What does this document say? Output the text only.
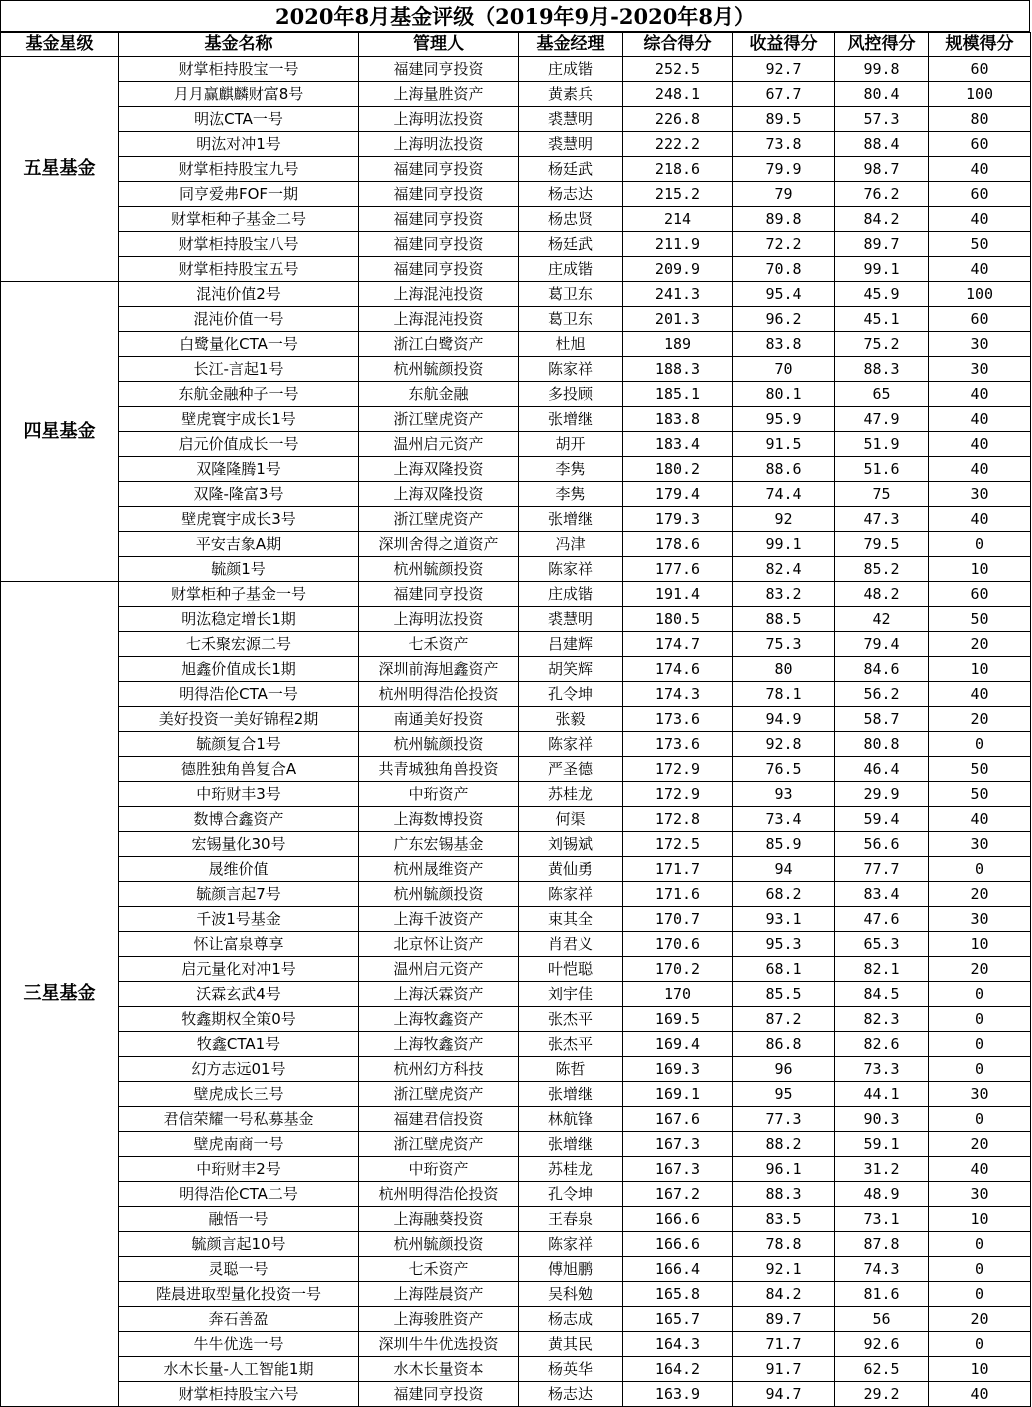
2020年8月基金评级（2019年9月-2020年8月）
基金星级	基金名称	管理人	基金经理	综合得分	收益得分	风控得分	规模得分
五星基金	财掌柜持股宝一号	福建同亨投资	庄成锴	252.5	92.7	99.8	60
	月月赢麒麟财富8号	上海量胜资产	黄素兵	248.1	67.7	80.4	100
	明汯CTA一号	上海明汯投资	裘慧明	226.8	89.5	57.3	80
	明汯对冲1号	上海明汯投资	裘慧明	222.2	73.8	88.4	60
	财掌柜持股宝九号	福建同亨投资	杨廷武	218.6	79.9	98.7	40
	同亨爱弗FOF一期	福建同亨投资	杨志达	215.2	79	76.2	60
	财掌柜种子基金二号	福建同亨投资	杨忠贤	214	89.8	84.2	40
	财掌柜持股宝八号	福建同亨投资	杨廷武	211.9	72.2	89.7	50
	财掌柜持股宝五号	福建同亨投资	庄成锴	209.9	70.8	99.1	40
四星基金	混沌价值2号	上海混沌投资	葛卫东	241.3	95.4	45.9	100
	混沌价值一号	上海混沌投资	葛卫东	201.3	96.2	45.1	60
	白鹭量化CTA一号	浙江白鹭资产	杜旭	189	83.8	75.2	30
	长江-言起1号	杭州毓颜投资	陈家祥	188.3	70	88.3	30
	东航金融种子一号	东航金融	多投顾	185.1	80.1	65	40
	壁虎寰宇成长1号	浙江壁虎资产	张增继	183.8	95.9	47.9	40
	启元价值成长一号	温州启元资产	胡开	183.4	91.5	51.9	40
	双隆隆腾1号	上海双隆投资	李隽	180.2	88.6	51.6	40
	双隆-隆富3号	上海双隆投资	李隽	179.4	74.4	75	30
	壁虎寰宇成长3号	浙江壁虎资产	张增继	179.3	92	47.3	40
	平安吉象A期	深圳舍得之道资产	冯津	178.6	99.1	79.5	0
	毓颜1号	杭州毓颜投资	陈家祥	177.6	82.4	85.2	10
三星基金	财掌柜种子基金一号	福建同亨投资	庄成锴	191.4	83.2	48.2	60
	明汯稳定增长1期	上海明汯投资	裘慧明	180.5	88.5	42	50
	七禾聚宏源二号	七禾资产	吕建辉	174.7	75.3	79.4	20
	旭鑫价值成长1期	深圳前海旭鑫资产	胡笑辉	174.6	80	84.6	10
	明得浩伦CTA一号	杭州明得浩伦投资	孔令坤	174.3	78.1	56.2	40
	美好投资一美好锦程2期	南通美好投资	张毅	173.6	94.9	58.7	20
	毓颜复合1号	杭州毓颜投资	陈家祥	173.6	92.8	80.8	0
	德胜独角兽复合A	共青城独角兽投资	严圣德	172.9	76.5	46.4	50
	中珩财丰3号	中珩资产	苏桂龙	172.9	93	29.9	50
	数博合鑫资产	上海数博投资	何渠	172.8	73.4	59.4	40
	宏锡量化30号	广东宏锡基金	刘锡斌	172.5	85.9	56.6	30
	晟维价值	杭州晟维资产	黄仙勇	171.7	94	77.7	0
	毓颜言起7号	杭州毓颜投资	陈家祥	171.6	68.2	83.4	20
	千波1号基金	上海千波资产	束其全	170.7	93.1	47.6	30
	怀让富泉尊享	北京怀让资产	肖君义	170.6	95.3	65.3	10
	启元量化对冲1号	温州启元资产	叶恺聪	170.2	68.1	82.1	20
	沃霖玄武4号	上海沃霖资产	刘宇佳	170	85.5	84.5	0
	牧鑫期权全策0号	上海牧鑫资产	张杰平	169.5	87.2	82.3	0
	牧鑫CTA1号	上海牧鑫资产	张杰平	169.4	86.8	82.6	0
	幻方志远01号	杭州幻方科技	陈哲	169.3	96	73.3	0
	壁虎成长三号	浙江壁虎资产	张增继	169.1	95	44.1	30
	君信荣耀一号私募基金	福建君信投资	林航锋	167.6	77.3	90.3	0
	壁虎南商一号	浙江壁虎资产	张增继	167.3	88.2	59.1	20
	中珩财丰2号	中珩资产	苏桂龙	167.3	96.1	31.2	40
	明得浩伦CTA二号	杭州明得浩伦投资	孔令坤	167.2	88.3	48.9	30
	融悟一号	上海融葵投资	王春泉	166.6	83.5	73.1	10
	毓颜言起10号	杭州毓颜投资	陈家祥	166.6	78.8	87.8	0
	灵聪一号	七禾资产	傅旭鹏	166.4	92.1	74.3	0
	陛晨进取型量化投资一号	上海陛晨资产	吴科勉	165.8	84.2	81.6	0
	奔石善盈	上海骏胜资产	杨志成	165.7	89.7	56	20
	牛牛优选一号	深圳牛牛优选投资	黄其民	164.3	71.7	92.6	0
	水木长量-人工智能1期	水木长量资本	杨英华	164.2	91.7	62.5	10
	财掌柜持股宝六号	福建同亨投资	杨志达	163.9	94.7	29.2	40
